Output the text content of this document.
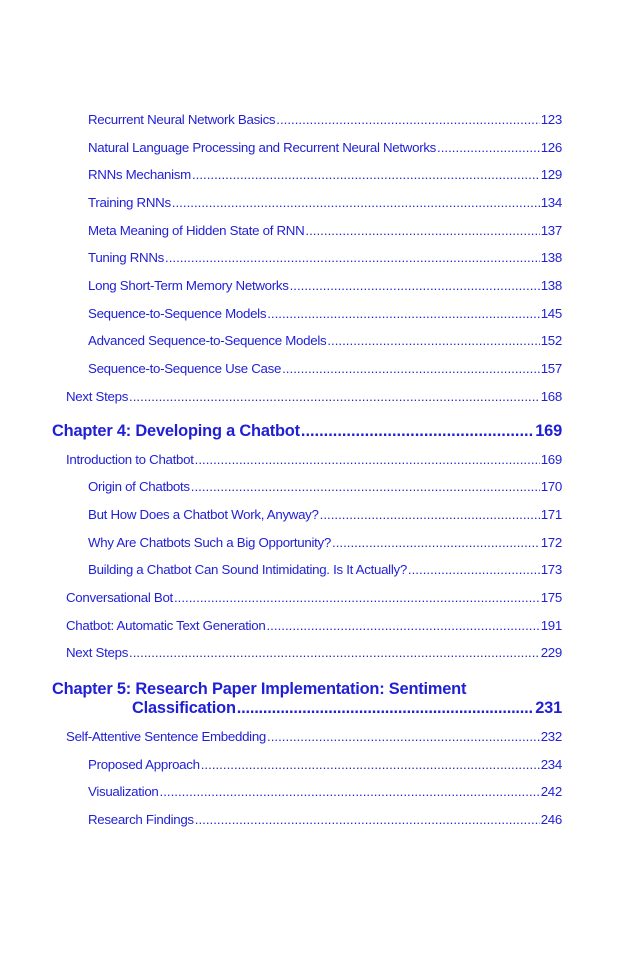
Recurrent Neural Network Basics .....	123
Natural Language Processing and Recurrent Neural Networks .....	126
RNNs Mechanism .....	129
Training RNNs .....	134
Meta Meaning of Hidden State of RNN .....	137
Tuning RNNs .....	138
Long Short-Term Memory Networks .....	138
Sequence-to-Sequence Models .....	145
Advanced Sequence-to-Sequence Models .....	152
Sequence-to-Sequence Use Case .....	157
Next Steps .....	168
Chapter 4: Developing a Chatbot .....	169
Introduction to Chatbot .....	169
Origin of Chatbots .....	170
But How Does a Chatbot Work, Anyway? .....	171
Why Are Chatbots Such a Big Opportunity? .....	172
Building a Chatbot Can Sound Intimidating. Is It Actually? .....	173
Conversational Bot .....	175
Chatbot: Automatic Text Generation .....	191
Next Steps .....	229
Chapter 5: Research Paper Implementation: Sentiment
Classification .....	231
Self-Attentive Sentence Embedding .....	232
Proposed Approach .....	234
Visualization .....	242
Research Findings .....	246
